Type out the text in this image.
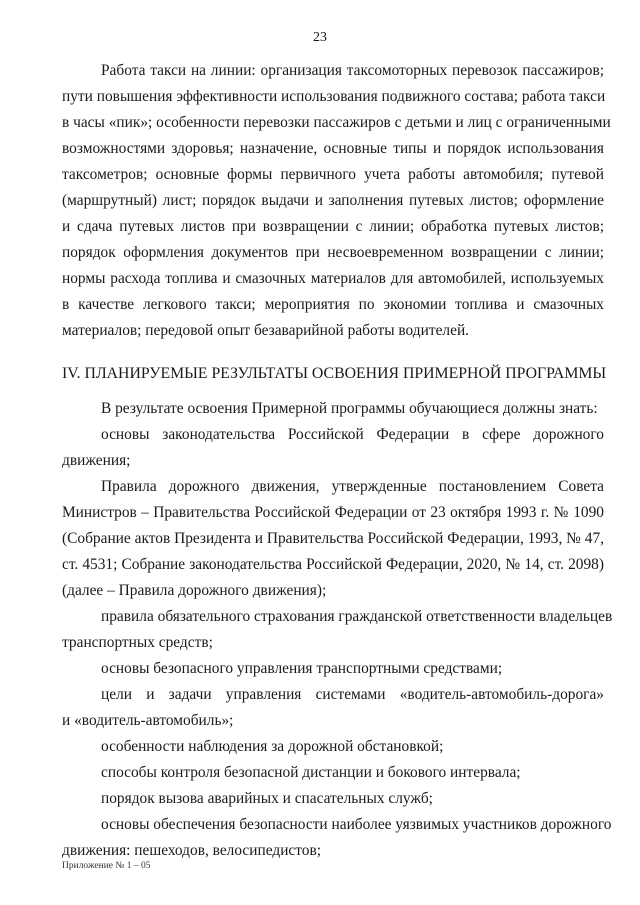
23
Работа такси на линии: организация таксомоторных перевозок пассажиров;
пути повышения эффективности использования подвижного состава; работа такси
в часы «пик»; особенности перевозки пассажиров с детьми и лиц с ограниченными
возможностями здоровья; назначение, основные типы и порядок использования
таксометров; основные формы первичного учета работы автомобиля; путевой
(маршрутный) лист; порядок выдачи и заполнения путевых листов; оформление
и сдача путевых листов при возвращении с линии; обработка путевых листов;
порядок оформления документов при несвоевременном возвращении с линии;
нормы расхода топлива и смазочных материалов для автомобилей, используемых
в качестве легкового такси; мероприятия по экономии топлива и смазочных
материалов; передовой опыт безаварийной работы водителей.
IV. ПЛАНИРУЕМЫЕ РЕЗУЛЬТАТЫ ОСВОЕНИЯ ПРИМЕРНОЙ ПРОГРАММЫ
В результате освоения Примерной программы обучающиеся должны знать:
основы законодательства Российской Федерации в сфере дорожного
движения;
Правила дорожного движения, утвержденные постановлением Совета
Министров – Правительства Российской Федерации от 23 октября 1993 г. № 1090
(Собрание актов Президента и Правительства Российской Федерации, 1993, № 47,
ст. 4531; Собрание законодательства Российской Федерации, 2020, № 14, ст. 2098)
(далее – Правила дорожного движения);
правила обязательного страхования гражданской ответственности владельцев
транспортных средств;
основы безопасного управления транспортными средствами;
цели и задачи управления системами «водитель-автомобиль-дорога»
и «водитель-автомобиль»;
особенности наблюдения за дорожной обстановкой;
способы контроля безопасной дистанции и бокового интервала;
порядок вызова аварийных и спасательных служб;
основы обеспечения безопасности наиболее уязвимых участников дорожного
движения: пешеходов, велосипедистов;
Приложение № 1 – 05
